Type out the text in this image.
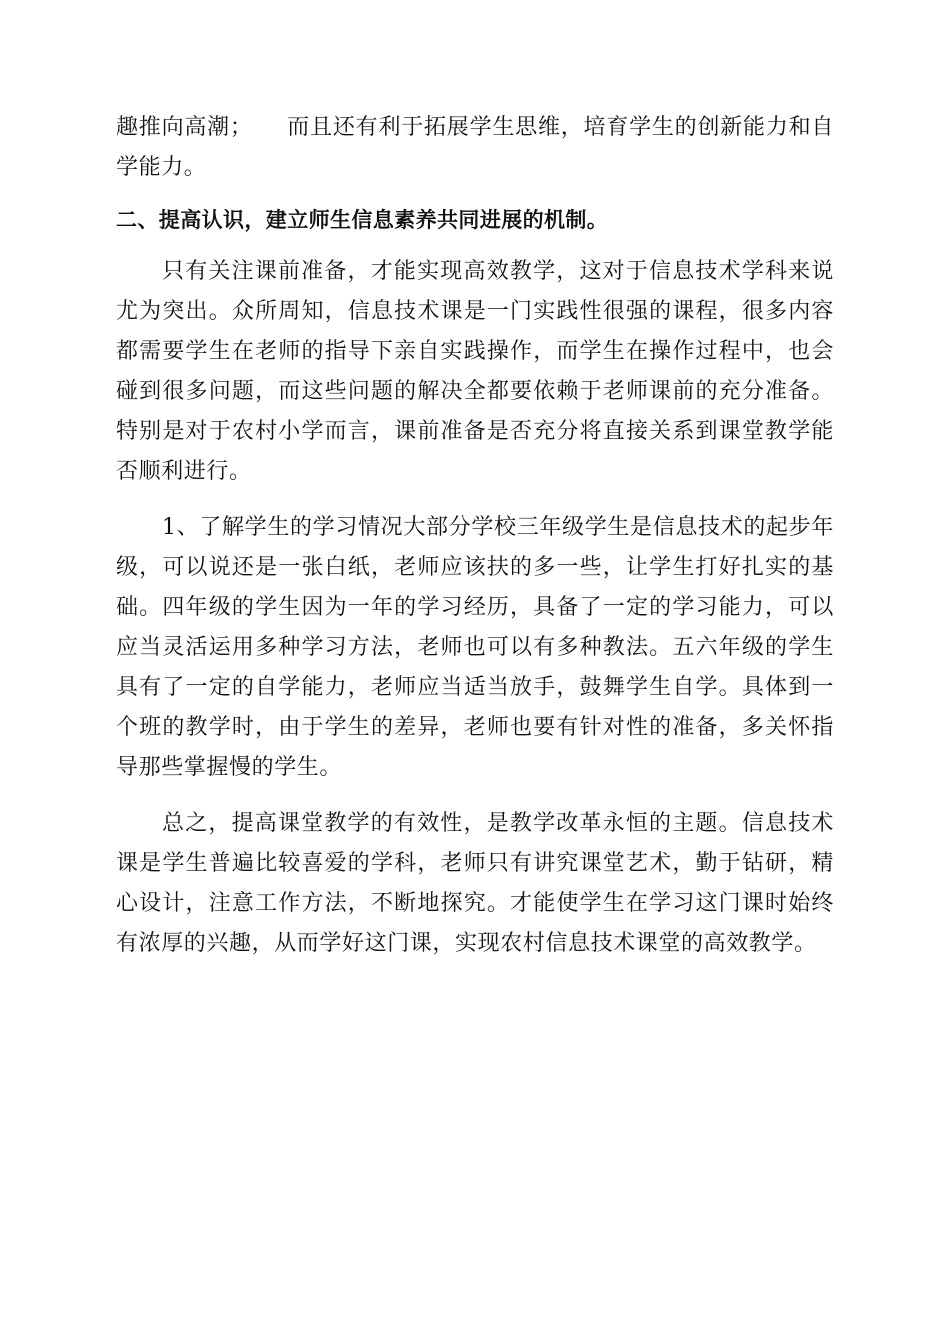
趣推向高潮；　　而且还有利于拓展学生思维，培育学生的创新能力和自学能力。

二、提高认识，建立师生信息素养共同进展的机制。

只有关注课前准备，才能实现高效教学，这对于信息技术学科来说尤为突出。众所周知，信息技术课是一门实践性很强的课程，很多内容都需要学生在老师的指导下亲自实践操作，而学生在操作过程中，也会碰到很多问题，而这些问题的解决全都要依赖于老师课前的充分准备。特别是对于农村小学而言，课前准备是否充分将直接关系到课堂教学能否顺利进行。

1、了解学生的学习情况大部分学校三年级学生是信息技术的起步年级，可以说还是一张白纸，老师应该扶的多一些，让学生打好扎实的基础。四年级的学生因为一年的学习经历，具备了一定的学习能力，可以应当灵活运用多种学习方法，老师也可以有多种教法。五六年级的学生具有了一定的自学能力，老师应当适当放手，鼓舞学生自学。具体到一个班的教学时，由于学生的差异，老师也要有针对性的准备，多关怀指导那些掌握慢的学生。

总之，提高课堂教学的有效性，是教学改革永恒的主题。信息技术课是学生普遍比较喜爱的学科，老师只有讲究课堂艺术，勤于钻研，精心设计，注意工作方法，不断地探究。才能使学生在学习这门课时始终有浓厚的兴趣，从而学好这门课，实现农村信息技术课堂的高效教学。
